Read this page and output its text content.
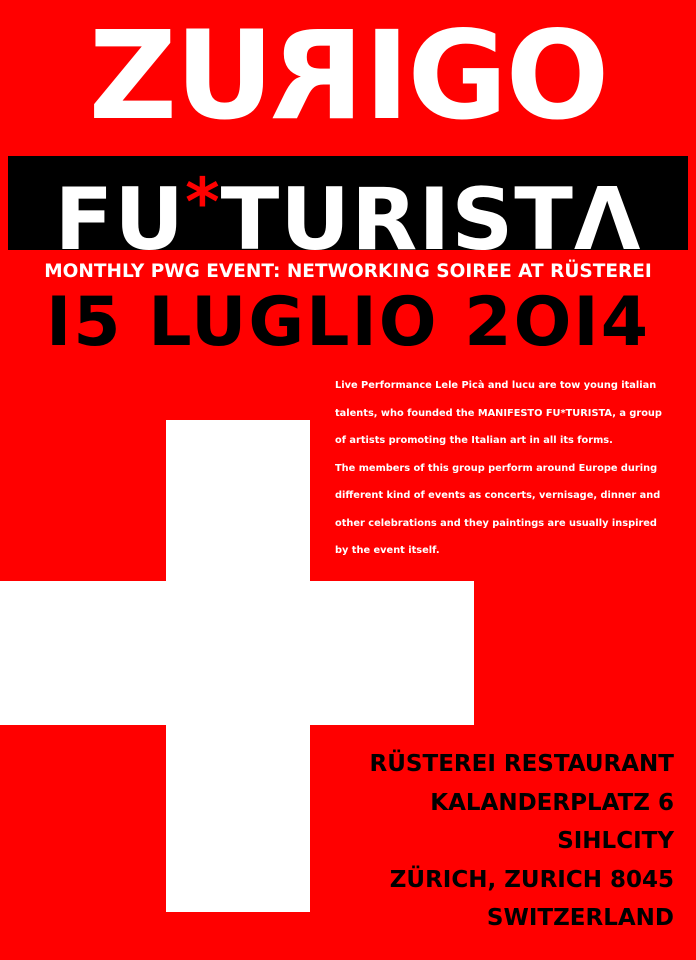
ZURIGO
FU*TURISTΛ
MONTHLY PWG EVENT: NETWORKING SOIREE AT RÜSTEREI
I5 LUGLIO 2OI4
Live Performance Lele Picà and lucu are tow young italian
talents, who founded the MANIFESTO FU*TURISTA, a group
of artists promoting the Italian art in all its forms.
The members of this group perform around Europe during
different kind of events as concerts, vernisage, dinner and
other celebrations and they paintings are usually inspired
by the event itself.
RÜSTEREI RESTAURANT
KALANDERPLATZ 6
SIHLCITY
ZÜRICH, ZURICH 8045
SWITZERLAND
